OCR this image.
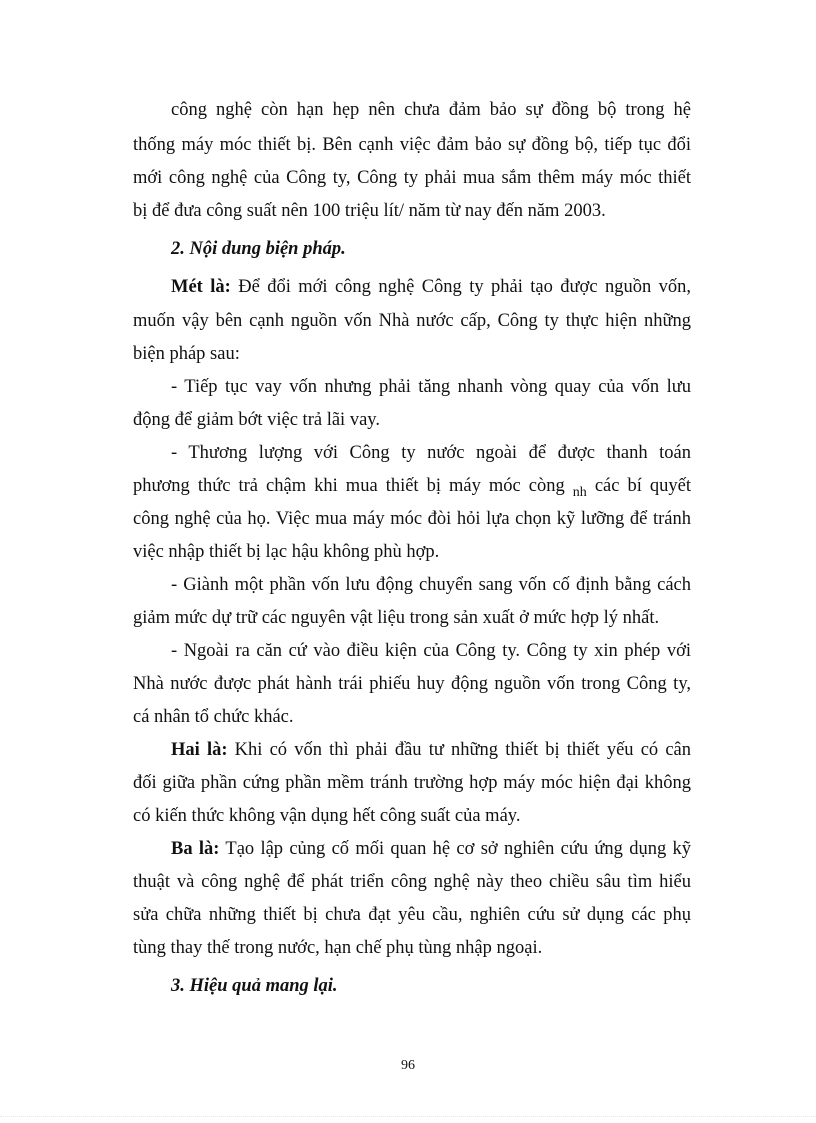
công nghệ còn hạn hẹp nên chưa đảm bảo sự đồng bộ trong hệ
thống máy móc thiết bị. Bên cạnh việc đảm bảo sự đồng bộ, tiếp tục đổi
mới công nghệ của Công ty, Công ty phải mua sắm thêm máy móc thiết
bị để đưa công suất nên 100 triệu lít/ năm từ nay đến năm 2003.
2. Nội dung biện pháp.
Mét là: Để đổi mới công nghệ Công ty phải tạo được nguồn vốn,
muốn vậy bên cạnh nguồn vốn Nhà nước cấp, Công ty thực hiện những
biện pháp sau:
- Tiếp tục vay vốn nhưng phải tăng nhanh vòng quay của vốn lưu
động để giảm bớt việc trả lãi vay.
- Thương lượng với Công ty nước ngoài để được thanh toán
phương thức trả chậm khi mua thiết bị máy móc còng $_{nh}$ các bí quyết
công nghệ của họ. Việc mua máy móc đòi hỏi lựa chọn kỹ lưỡng để tránh
việc nhập thiết bị lạc hậu không phù hợp.
- Giành một phần vốn lưu động chuyển sang vốn cố định bằng cách
giảm mức dự trữ các nguyên vật liệu trong sản xuất ở mức hợp lý nhất.
- Ngoài ra căn cứ vào điều kiện của Công ty. Công ty xin phép với
Nhà nước được phát hành trái phiếu huy động nguồn vốn trong Công ty,
cá nhân tổ chức khác.
Hai là: Khi có vốn thì phải đầu tư những thiết bị thiết yếu có cân
đối giữa phần cứng phần mềm tránh trường hợp máy móc hiện đại không
có kiến thức không vận dụng hết công suất của máy.
Ba là: Tạo lập củng cố mối quan hệ cơ sở nghiên cứu ứng dụng kỹ
thuật và công nghệ để phát triển công nghệ này theo chiều sâu tìm hiểu
sửa chữa những thiết bị chưa đạt yêu cầu, nghiên cứu sử dụng các phụ
tùng thay thế trong nước, hạn chế phụ tùng nhập ngoại.
3. Hiệu quả mang lại.
96
